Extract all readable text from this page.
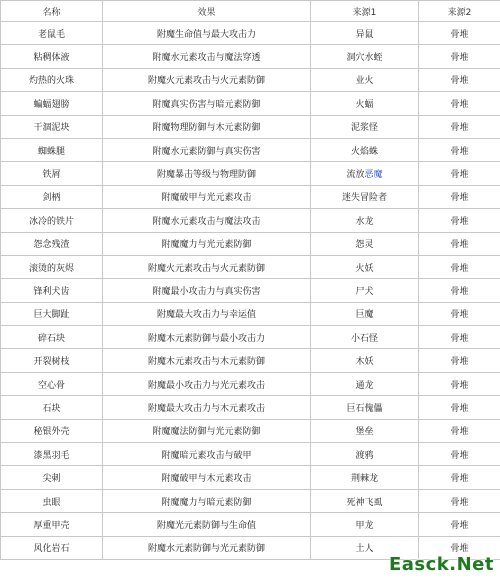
名称	效果	来源1	来源2
老鼠毛	附魔生命值与最大攻击力	异鼠	骨堆
粘稠体液	附魔水元素攻击与魔法穿透	洞穴水蛭	骨堆
灼热的火珠	附魔火元素攻击与火元素防御	业火	骨堆
蝙蝠翅膀	附魔真实伤害与暗元素防御	火蝠	骨堆
干涸泥块	附魔物理防御与木元素防御	泥浆怪	骨堆
蜘蛛腿	附魔水元素防御与真实伤害	火焰蛛	骨堆
铁屑	附魔暴击等级与物理防御	流放恶魔	骨堆
剑柄	附魔破甲与光元素攻击	迷失冒险者	骨堆
冰冷的铁片	附魔水元素攻击与魔法攻击	水龙	骨堆
怨念残渣	附魔魔力与光元素防御	怨灵	骨堆
滚烫的灰烬	附魔火元素攻击与火元素防御	火妖	骨堆
锋利犬齿	附魔最小攻击力与真实伤害	尸犬	骨堆
巨大脚趾	附魔最大攻击力与幸运值	巨魔	骨堆
碎石块	附魔木元素防御与最小攻击力	小石怪	骨堆
开裂树枝	附魔木元素攻击与木元素防御	木妖	骨堆
空心骨	附魔最小攻击力与光元素攻击	通龙	骨堆
石块	附魔最大攻击力与木元素攻击	巨石傀儡	骨堆
秘银外壳	附魔魔法防御与光元素防御	堡垒	骨堆
漆黑羽毛	附魔暗元素攻击与破甲	渡鸦	骨堆
尖刺	附魔破甲与木元素攻击	荆棘龙	骨堆
虫眼	附魔魔力与暗元素防御	死神飞虱	骨堆
厚重甲壳	附魔光元素防御与生命值	甲龙	骨堆
风化岩石	附魔水元素防御与光元素防御	土人	骨堆
Easck.Net
